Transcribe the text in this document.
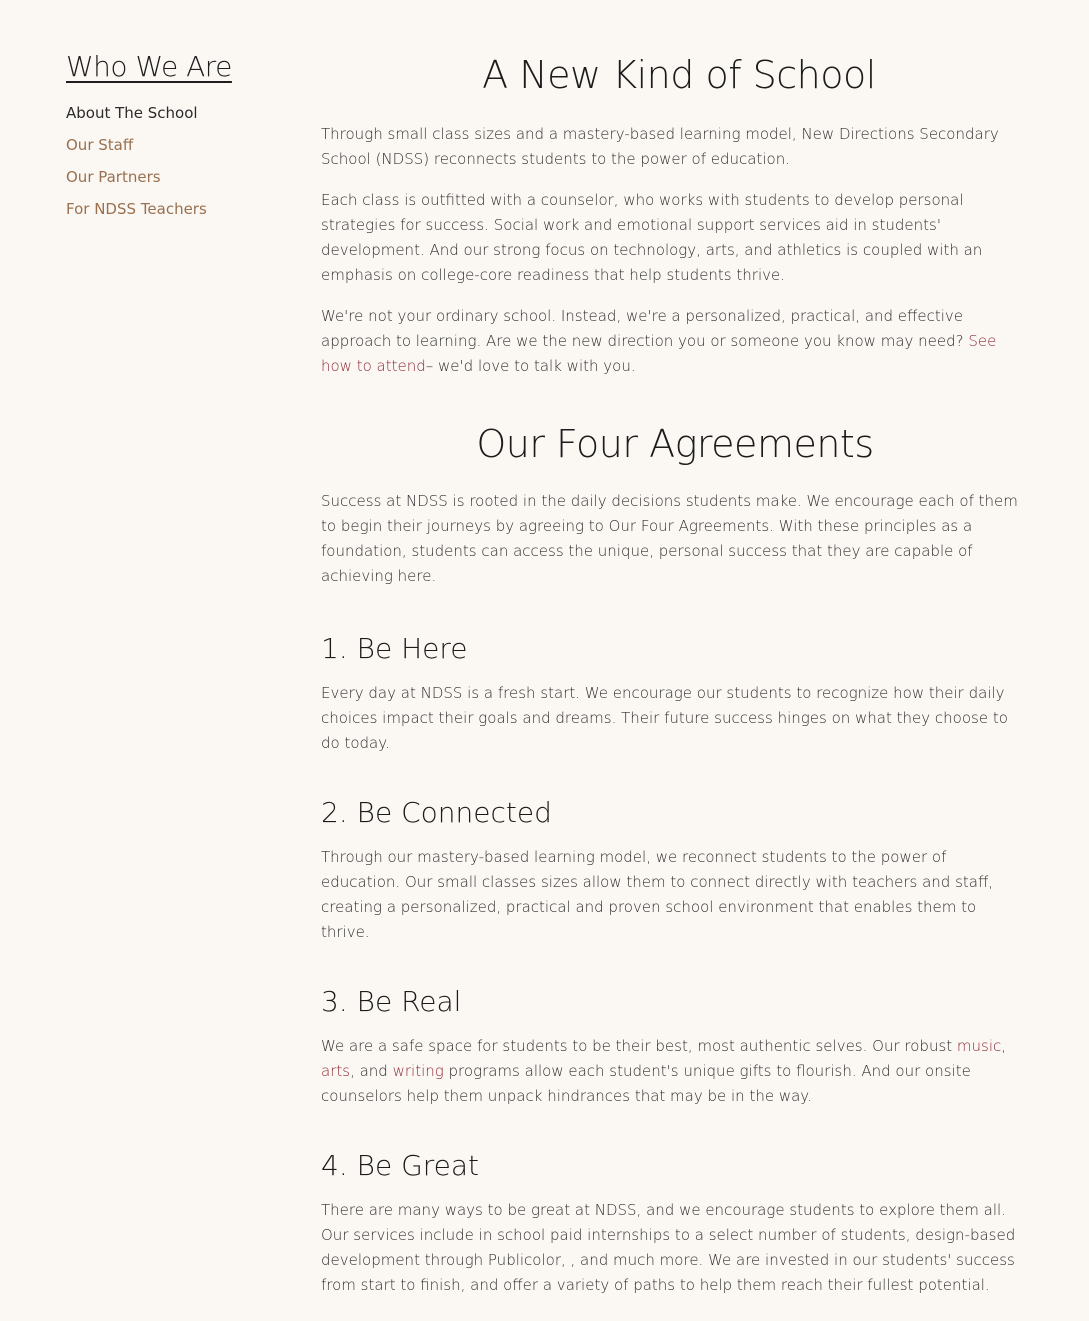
Who We Are
About The School
Our Staff
Our Partners
For NDSS Teachers
A New Kind of School

Through small class sizes and a mastery-based learning model, New Directions Secondary School (NDSS) reconnects students to the power of education.

Each class is outfitted with a counselor, who works with students to develop personal strategies for success. Social work and emotional support services aid in students' development. And our strong focus on technology, arts, and athletics is coupled with an emphasis on college-core readiness that help students thrive.

We're not your ordinary school. Instead, we're a personalized, practical, and effective approach to learning. Are we the new direction you or someone you know may need? See how to attend– we'd love to talk with you.

Our Four Agreements

Success at NDSS is rooted in the daily decisions students make. We encourage each of them to begin their journeys by agreeing to Our Four Agreements. With these principles as a foundation, students can access the unique, personal success that they are capable of achieving here.

1. Be Here

Every day at NDSS is a fresh start. We encourage our students to recognize how their daily choices impact their goals and dreams. Their future success hinges on what they choose to do today.

2. Be Connected

Through our mastery-based learning model, we reconnect students to the power of education. Our small classes sizes allow them to connect directly with teachers and staff, creating a personalized, practical and proven school environment that enables them to thrive.

3. Be Real

We are a safe space for students to be their best, most authentic selves. Our robust music, arts, and writing programs allow each student's unique gifts to flourish. And our onsite counselors help them unpack hindrances that may be in the way.

4. Be Great

There are many ways to be great at NDSS, and we encourage students to explore them all. Our services include in school paid internships to a select number of students, design-based development through Publicolor, , and much more. We are invested in our students' success from start to finish, and offer a variety of paths to help them reach their fullest potential.
